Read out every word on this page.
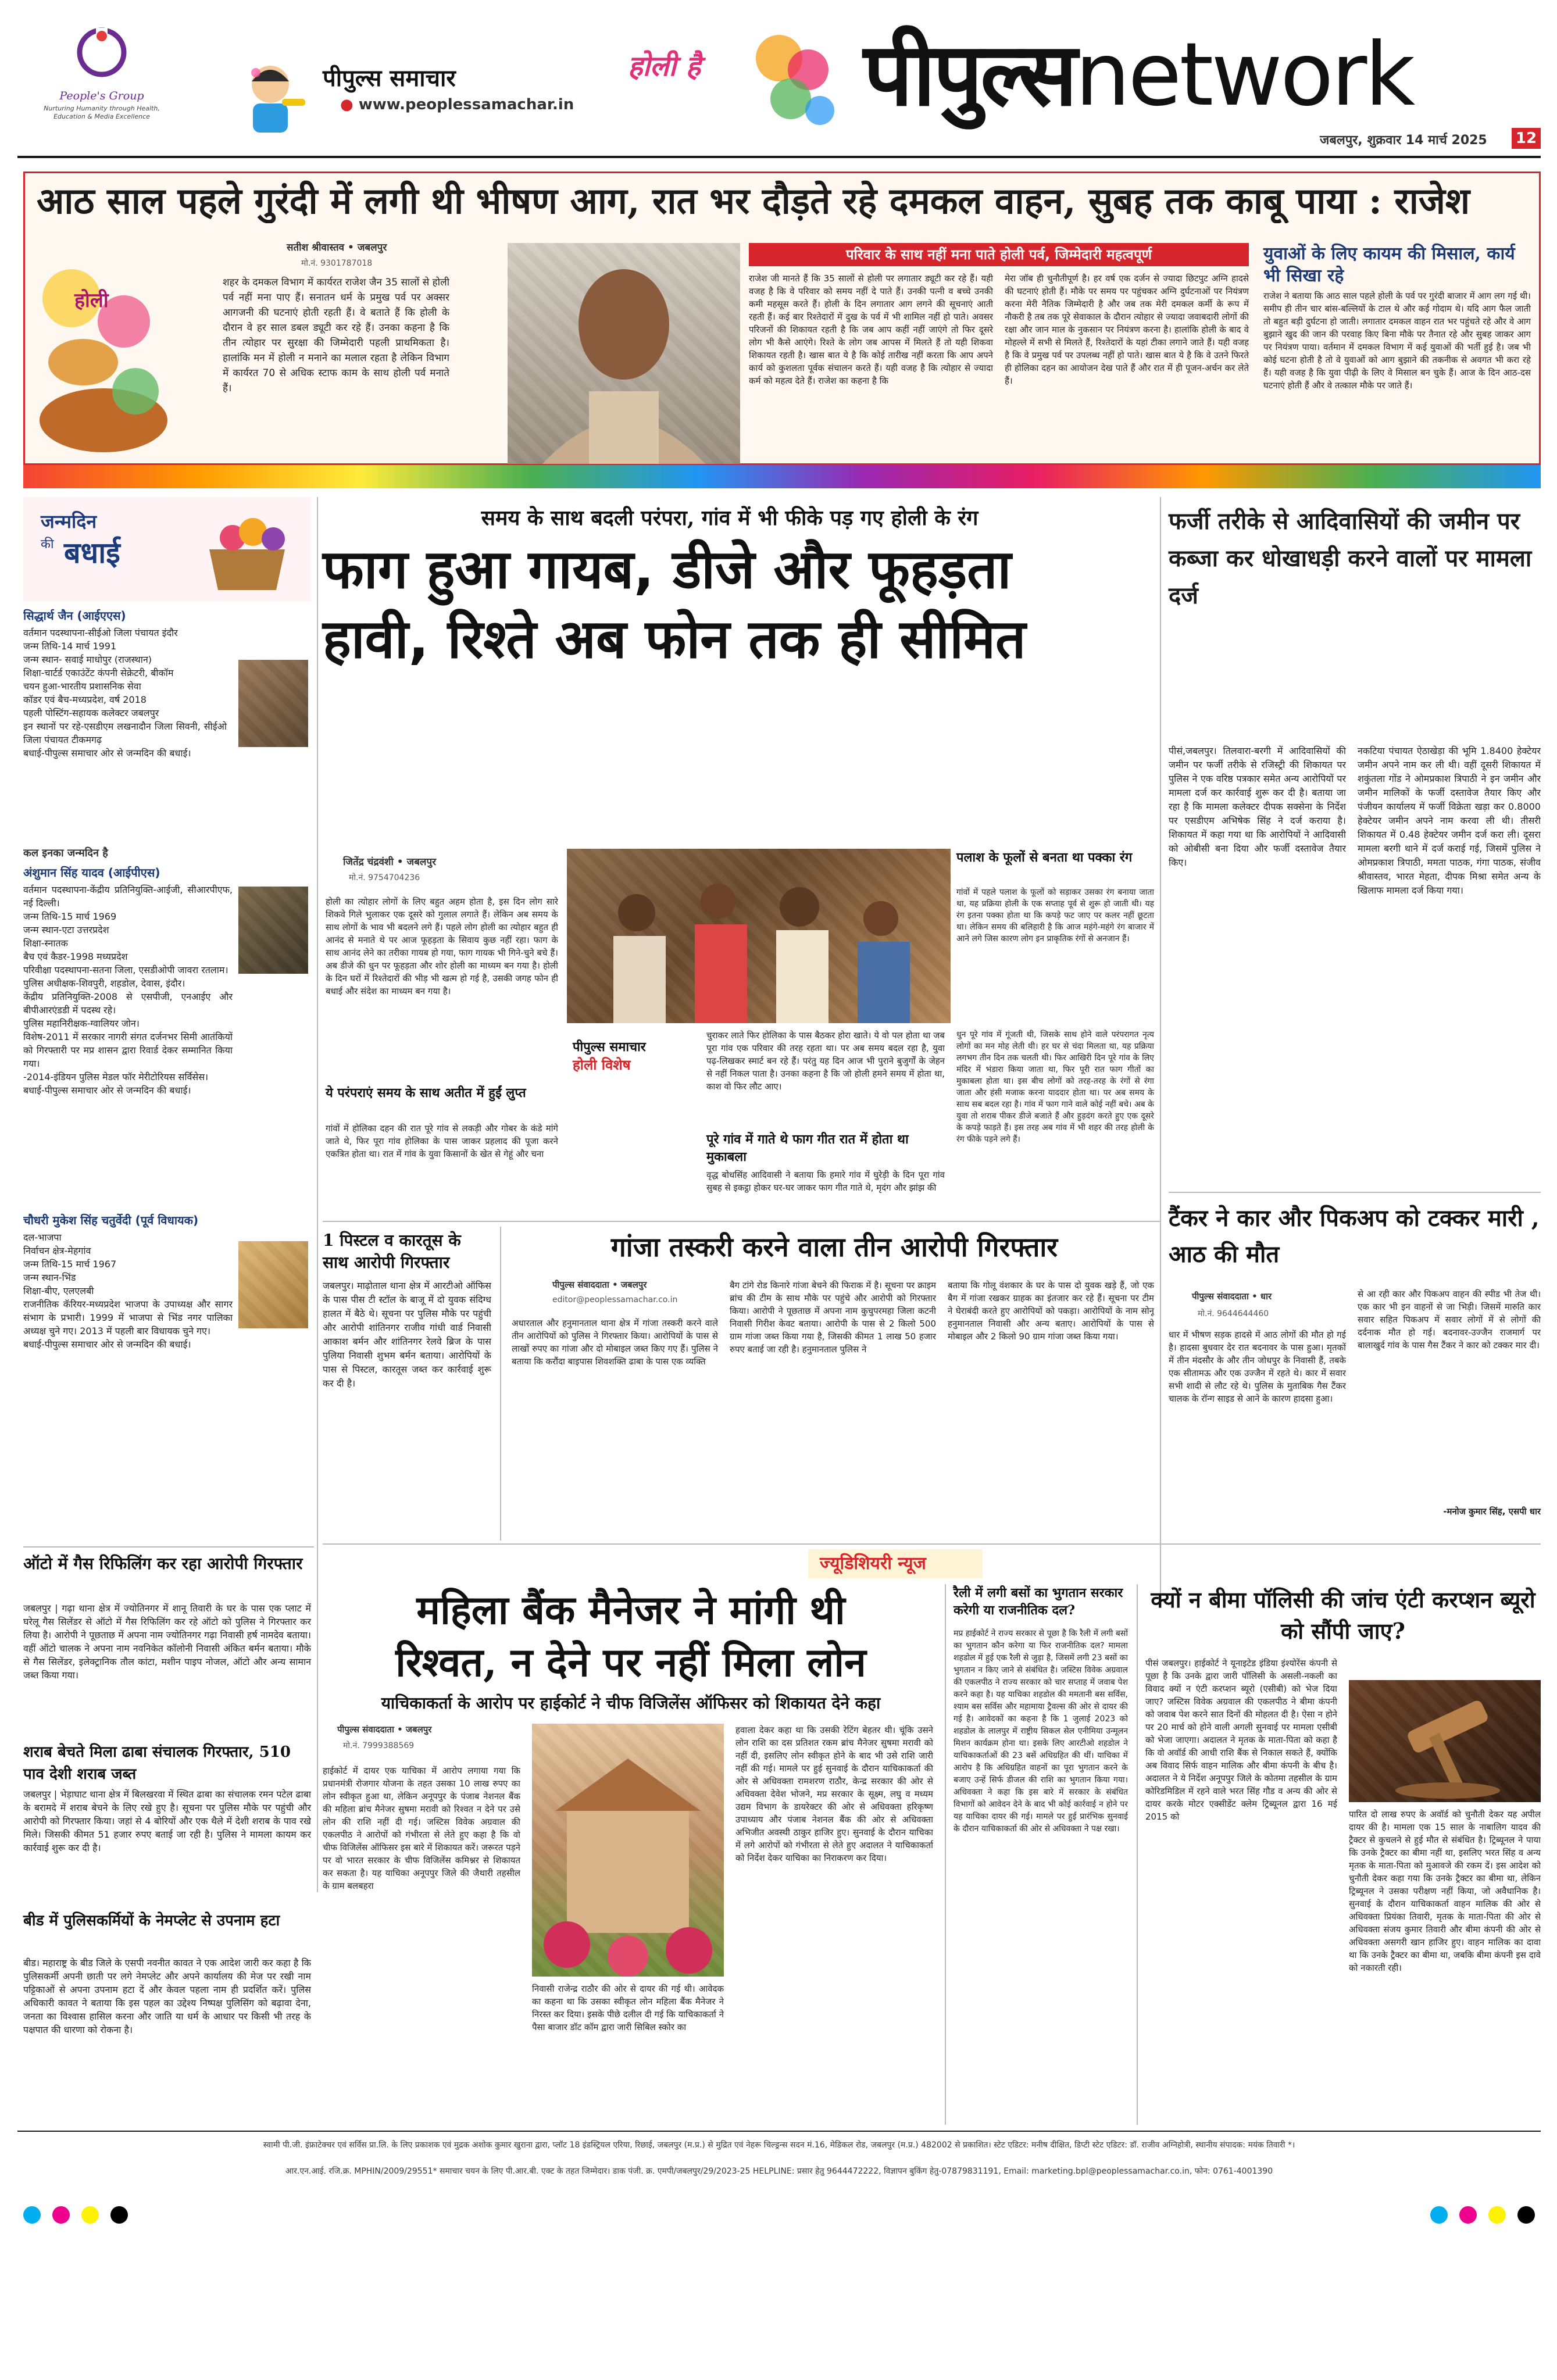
People's Group
Nurturing Humanity through Health, Education & Media Excellence
पीपुल्स समाचार
● www.peoplessamachar.in
होली है पीपुल्सnetwork
जबलपुर, शुक्रवार 14 मार्च 2025 12
आठ साल पहले गुरंदी में लगी थी भीषण आग, रात भर दौड़ते रहे दमकल वाहन, सुबह तक काबू पाया : राजेश
होली
सतीश श्रीवास्तव • जबलपुर
मो.नं. 9301787018
शहर के दमकल विभाग में कार्यरत राजेश जैन 35 सालों से होली पर्व नहीं मना पाए हैं। सनातन धर्म के प्रमुख पर्व पर अक्सर आगजनी की घटनाएं होती रहती हैं। वे बताते हैं कि होली के दौरान वे हर साल डबल ड्यूटी कर रहे हैं। उनका कहना है कि तीन त्योहार पर सुरक्षा की जिम्मेदारी पहली प्राथमिकता है। हालांकि मन में होली न मनाने का मलाल रहता है लेकिन विभाग में कार्यरत 70 से अधिक स्टाफ काम के साथ होली पर्व मनाते हैं।
परिवार के साथ नहीं मना पाते होली पर्व, जिम्मेदारी महत्वपूर्ण
राजेश जी मानते हैं कि 35 सालों से होली पर लगातार ड्यूटी कर रहे हैं। यही वजह है कि वे परिवार को समय नहीं दे पाते हैं। उनकी पत्नी व बच्चे उनकी कमी महसूस करते हैं। होली के दिन लगातार आग लगने की सूचनाएं आती रहती हैं। कई बार रिश्तेदारों में दुख के पर्व में भी शामिल नहीं हो पाते। अवसर परिजनों की शिकायत रहती है कि जब आप कहीं नहीं जाएंगे तो फिर दूसरे लोग भी कैसे आएंगे। रिश्ते के लोग जब आपस में मिलते हैं तो यही शिकवा शिकायत रहती है। खास बात ये है कि कोई तारीख नहीं करता कि आप अपने कार्य को कुशलता पूर्वक संचालन करते हैं। यही वजह है कि त्योहार से ज्यादा कर्म को महत्व देते हैं। राजेश का कहना है कि
मेरा जॉब ही चुनौतीपूर्ण है। हर वर्ष एक दर्जन से ज्यादा छिटपुट अग्नि हादसे की घटनाएं होती हैं। मौके पर समय पर पहुंचकर अग्नि दुर्घटनाओं पर नियंत्रण करना मेरी नैतिक जिम्मेदारी है और जब तक मेरी दमकल कर्मी के रूप में नौकरी है तब तक पूरे सेवाकाल के दौरान त्योहार से ज्यादा जवाबदारी लोगों की रक्षा और जान माल के नुकसान पर नियंत्रण करना है। हालांकि होली के बाद वे मोहल्ले में सभी से मिलते हैं, रिश्तेदारों के यहां टीका लगाने जाते हैं। यही वजह है कि वे प्रमुख पर्व पर उपलब्ध नहीं हो पाते। खास बात ये है कि वे उतने फिरते ही होलिका दहन का आयोजन देख पाते हैं और रात में ही पूजन-अर्चन कर लेते हैं।
युवाओं के लिए कायम की मिसाल, कार्य भी सिखा रहे
राजेश ने बताया कि आठ साल पहले होली के पर्व पर गुरंदी बाजार में आग लग गई थी। समीप ही तीन चार बांस-बल्लियों के टाल थे और कई गोदाम थे। यदि आग फैल जाती तो बहुत बड़ी दुर्घटना हो जाती। लगातार दमकल वाहन रात भर पहुंचते रहे और वे आग बुझाने खुद की जान की परवाह किए बिना मौके पर तैनात रहे और सुबह जाकर आग पर नियंत्रण पाया। वर्तमान में दमकल विभाग में कई युवाओं की भर्ती हुई है। जब भी कोई घटना होती है तो वे युवाओं को आग बुझाने की तकनीक से अवगत भी करा रहे हैं। यही वजह है कि युवा पीढ़ी के लिए वे मिसाल बन चुके हैं। आज के दिन आठ-दस घटनाएं होती हैं और वे तत्काल मौके पर जाते हैं।
जन्मदिन
की बधाई
सिद्धार्थ जैन (आईएएस)
वर्तमान पदस्थापना-सीईओ जिला पंचायत इंदौर
जन्म तिथि-14 मार्च 1991
जन्म स्थान- सवाई माधोपुर (राजस्थान)
शिक्षा-चार्टर्ड एकाउंटेंट कंपनी सेक्रेटरी, बीकॉम
चयन हुआ-भारतीय प्रशासनिक सेवा
कॉडर एवं बैच-मध्यप्रदेश, वर्ष 2018
पहली पोस्टिंग-सहायक कलेक्टर जबलपुर
इन स्थानों पर रहे-एसडीएम लखनादौन जिला सिवनी, सीईओ जिला पंचायत टीकमगढ़
बधाई-पीपुल्स समाचार ओर से जन्मदिन की बधाई।
कल इनका जन्मदिन है
अंशुमान सिंह यादव (आईपीएस)
वर्तमान पदस्थापना-केंद्रीय प्रतिनियुक्ति-आईजी, सीआरपीएफ, नई दिल्ली।
जन्म तिथि-15 मार्च 1969
जन्म स्थान-एटा उत्तरप्रदेश
शिक्षा-स्नातक
बैच एवं कैडर-1998 मध्यप्रदेश
परिवीक्षा पदस्थापना-सतना जिला, एसडीओपी जावरा रतलाम।
पुलिस अधीक्षक-शिवपुरी, शहडोल, देवास, इंदौर।
केंद्रीय प्रतिनियुक्ति-2008 से एसपीजी, एनआईए और बीपीआरएंडडी में पदस्थ रहे।
पुलिस महानिरीक्षक-ग्वालियर जोन।
विशेष-2011 में सरकार नागरी संगत दर्जनभर सिमी आतंकियों को गिरफ्तारी पर मप्र शासन द्वारा रिवार्ड देकर सम्मानित किया गया।
-2014-इंडियन पुलिस मेडल फॉर मेरीटोरियस सर्विसेस।
बधाई-पीपुल्स समाचार ओर से जन्मदिन की बधाई।
चौधरी मुकेश सिंह चतुर्वेदी (पूर्व विधायक)
दल-भाजपा
निर्वाचन क्षेत्र-मेहगांव
जन्म तिथि-15 मार्च 1967
जन्म स्थान-भिंड
शिक्षा-बीए, एलएलबी
राजनीतिक कॅरियर-मध्यप्रदेश भाजपा के उपाध्यक्ष और सागर संभाग के प्रभारी। 1999 में भाजपा से भिंड नगर पालिका अध्यक्ष चुने गए। 2013 में पहली बार विधायक चुने गए।
बधाई-पीपुल्स समाचार ओर से जन्मदिन की बधाई।
समय के साथ बदली परंपरा, गांव में भी फीके पड़ गए होली के रंग
फाग हुआ गायब, डीजे और फूहड़ता
हावी, रिश्ते अब फोन तक ही सीमित
जितेंद्र चंद्रवंशी • जबलपुर
मो.नं. 9754704236
होली का त्योहार लोगों के लिए बहुत अहम होता है, इस दिन लोग सारे शिकवे गिले भुलाकर एक दूसरे को गुलाल लगाते हैं। लेकिन अब समय के साथ लोगों के भाव भी बदलने लगे हैं। पहले लोग होली का त्योहार बहुत ही आनंद से मनाते थे पर आज फूहड़ता के सिवाय कुछ नहीं रहा। फाग के साथ आनंद लेने का तरीका गायब हो गया, फाग गायक भी गिने-चुने बचे हैं। अब डीजे की धुन पर फूहड़ता और शोर होली का माध्यम बन गया है। होली के दिन घरों में रिश्तेदारों की भीड़ भी खत्म हो गई है, उसकी जगह फोन ही बधाई और संदेश का माध्यम बन गया है।
ये परंपराएं समय के साथ अतीत में हुईं लुप्त
गांवों में होलिका दहन की रात पूरे गांव से लकड़ी और गोबर के कंडे मांगे जाते थे, फिर पूरा गांव होलिका के पास जाकर प्रहलाद की पूजा करने एकत्रित होता था। रात में गांव के युवा किसानों के खेत से गेहूं और चना
पीपुल्स समाचार
होली विशेष
चुराकर लाते फिर होलिका के पास बैठकर होरा खाते। ये वो पल होता था जब पूरा गांव एक परिवार की तरह रहता था। पर अब समय बदल रहा है, युवा पढ़-लिखकर स्मार्ट बन रहे हैं। परंतु यह दिन आज भी पुराने बुजुर्गों के जेहन से नहीं निकल पाता है। उनका कहना है कि जो होली हमने समय में होता था, काश वो फिर लौट आए।
पूरे गांव में गाते थे फाग गीत रात में होता था मुकाबला
वृद्ध बोधसिंह आदिवासी ने बताया कि हमारे गांव में घुरेड़ी के दिन पूरा गांव सुबह से इकट्ठा होकर घर-घर जाकर फाग गीत गाते थे, मृदंग और झांझ की
धुन पूरे गांव में गूंजती थी, जिसके साथ होने वाले परंपरागत नृत्य लोगों का मन मोह लेती थी। हर घर से चंदा मिलता था, यह प्रक्रिया लगभग तीन दिन तक चलती थी। फिर आखिरी दिन पूरे गांव के लिए मंदिर में भंडारा किया जाता था, फिर पूरी रात फाग गीतों का मुकाबला होता था। इस बीच लोगों को तरह-तरह के रंगों से रंगा जाता और हंसी मजाक करना याददार होता था। पर अब समय के साथ सब बदल रहा है। गांव में फाग गाने वाले कोई नहीं बचे। अब के युवा तो शराब पीकर डीजे बजाते हैं और हुड़दंग करते हुए एक दूसरे के कपड़े फाड़ते हैं। इस तरह अब गांव में भी शहर की तरह होली के रंग फीके पड़ने लगे हैं।
पलाश के फूलों से बनता था पक्का रंग
गांवों में पहले पलाश के फूलों को सड़ाकर उसका रंग बनाया जाता था, यह प्रक्रिया होली के एक सप्ताह पूर्व से शुरू हो जाती थी। यह रंग इतना पक्का होता था कि कपड़े फट जाए पर कलर नहीं छूटता था। लेकिन समय की बलिहारी है कि आज महंगे-महंगे रंग बाजार में आने लगे जिस कारण लोग इन प्राकृतिक रंगों से अनजान हैं।
फर्जी तरीके से आदिवासियों की जमीन पर कब्जा कर धोखाधड़ी करने वालों पर मामला दर्ज
पीसं,जबलपुर। तिलवारा-बरगी में आदिवासियों की जमीन पर फर्जी तरीके से रजिस्ट्री की शिकायत पर पुलिस ने एक वरिष्ठ पत्रकार समेत अन्य आरोपियों पर मामला दर्ज कर कार्रवाई शुरू कर दी है। बताया जा रहा है कि मामला कलेक्टर दीपक सक्सेना के निर्देश पर एसडीएम अभिषेक सिंह ने दर्ज कराया है। शिकायत में कहा गया था कि आरोपियों ने आदिवासी को ओबीसी बना दिया और फर्जी दस्तावेज तैयार किए।
नकटिया पंचायत ऐठाखेड़ा की भूमि 1.8400 हेक्टेयर जमीन अपने नाम कर ली थी। वहीं दूसरी शिकायत में शकुंतला गोंड ने ओमप्रकाश त्रिपाठी ने इन जमीन और जमीन मालिकों के फर्जी दस्तावेज तैयार किए और पंजीयन कार्यालय में फर्जी विक्रेता खड़ा कर 0.8000 हेक्टेयर जमीन अपने नाम करवा ली थी। तीसरी शिकायत में 0.48 हेक्टेयर जमीन दर्ज करा ली। दूसरा मामला बरगी थाने में दर्ज कराई गई, जिसमें पुलिस ने ओमप्रकाश त्रिपाठी, ममता पाठक, गंगा पाठक, संजीव श्रीवास्तव, भारत मेहता, दीपक मिश्रा समेत अन्य के खिलाफ मामला दर्ज किया गया।
टैंकर ने कार और पिकअप को टक्कर मारी , आठ की मौत
पीपुल्स संवाददाता • धार
मो.नं. 9644644460
धार में भीषण सड़क हादसे में आठ लोगों की मौत हो गई है। हादसा बुधवार देर रात बदनावर के पास हुआ। मृतकों में तीन मंदसौर के और तीन जोधपुर के निवासी हैं, तबके एक सीतामऊ और एक उज्जैन में रहते थे। कार में सवार सभी शादी से लौट रहे थे। पुलिस के मुताबिक गैस टैंकर चालक के रॉन्ग साइड से आने के कारण हादसा हुआ।
से आ रही कार और पिकअप वाहन की स्पीड भी तेज थी। एक कार भी इन वाहनों से जा भिड़ी। जिसमें मारुति कार सवार सहित पिकअप में सवार लोगों में से लोगों की दर्दनाक मौत हो गई। बदनावर-उज्जैन राजमार्ग पर बालाखुर्द गांव के पास गैस टैंकर ने कार को टक्कर मार दी।
-मनोज कुमार सिंह, एसपी धार
ऑटो में गैस रिफिलिंग कर रहा आरोपी गिरफ्तार
जबलपुर | गढ़ा थाना क्षेत्र में ज्योतिनगर में शानू तिवारी के घर के पास एक प्लाट में घरेलू गैस सिलेंडर से ऑटो में गैस रिफिलिंग कर रहे ऑटो को पुलिस ने गिरफ्तार कर लिया है। आरोपी ने पूछताछ में अपना नाम ज्योतिनगर गढ़ा निवासी हर्ष नामदेव बताया। वहीं ऑटो चालक ने अपना नाम नवनिकेत कॉलोनी निवासी अंकित बर्मन बताया। मौके से गैस सिलेंडर, इलेक्ट्रानिक तौल कांटा, मशीन पाइप नोजल, ऑटो और अन्य सामान जब्त किया गया।
शराब बेचते मिला ढाबा संचालक गिरफ्तार, 510 पाव देशी शराब जब्त
जबलपुर | भेड़ाघाट थाना क्षेत्र में बिलखरवा में स्थित ढाबा का संचालक रमन पटेल ढाबा के बरामदे में शराब बेचने के लिए रखे हुए है। सूचना पर पुलिस मौके पर पहुंची और आरोपी को गिरफ्तार किया। जहां से 4 बोरियों और एक थैले में देशी शराब के पाव रखे मिले। जिसकी कीमत 51 हजार रुपए बताई जा रही है। पुलिस ने मामला कायम कर कार्रवाई शुरू कर दी है।
बीड में पुलिसकर्मियों के नेमप्लेट से उपनाम हटा
बीड। महाराष्ट्र के बीड जिले के एसपी नवनीत कावत ने एक आदेश जारी कर कहा है कि पुलिसकर्मी अपनी छाती पर लगे नेमप्लेट और अपने कार्यालय की मेज पर रखी नाम पट्टिकाओं से अपना उपनाम हटा दें और केवल पहला नाम ही प्रदर्शित करें। पुलिस अधिकारी कावत ने बताया कि इस पहल का उद्देश्य निष्पक्ष पुलिसिंग को बढ़ावा देना, जनता का विश्वास हासिल करना और जाति या धर्म के आधार पर किसी भी तरह के पक्षपात की धारणा को रोकना है।
1 पिस्टल व कारतूस के साथ आरोपी गिरफ्तार
जबलपुर। माढ़ोताल थाना क्षेत्र में आरटीओ ऑफिस के पास पीस टी स्टॉल के बाजू में दो युवक संदिग्ध हालत में बैठे थे। सूचना पर पुलिस मौके पर पहुंची और आरोपी शांतिनगर राजीव गांधी वार्ड निवासी आकाश बर्मन और शांतिनगर रेलवे ब्रिज के पास पुलिया निवासी शुभम बर्मन बताया। आरोपियों के पास से पिस्टल, कारतूस जब्त कर कार्रवाई शुरू कर दी है।
गांजा तस्करी करने वाला तीन आरोपी गिरफ्तार
पीपुल्स संवाददाता • जबलपुर
editor@peoplessamachar.co.in
अधारताल और हनुमानताल थाना क्षेत्र में गांजा तस्करी करने वाले तीन आरोपियों को पुलिस ने गिरफ्तार किया। आरोपियों के पास से लाखों रुपए का गांजा और दो मोबाइल जब्त किए गए हैं। पुलिस ने बताया कि करौंदा बाइपास शिवशक्ति ढाबा के पास एक व्यक्ति
बैग टांगे रोड किनारे गांजा बेचने की फिराक में है। सूचना पर क्राइम ब्रांच की टीम के साथ मौके पर पहुंचे और आरोपी को गिरफ्तार किया। आरोपी ने पूछताछ में अपना नाम कुचुपरमहा जिला कटनी निवासी गिरीश केवट बताया। आरोपी के पास से 2 किलो 500 ग्राम गांजा जब्त किया गया है, जिसकी कीमत 1 लाख 50 हजार रुपए बताई जा रही है। हनुमानताल पुलिस ने
बताया कि गोलू वंशकार के घर के पास दो युवक खड़े हैं, जो एक बैग में गांजा रखकर ग्राहक का इंतजार कर रहे हैं। सूचना पर टीम ने घेराबंदी करते हुए आरोपियों को पकड़ा। आरोपियों के नाम सोनू हनुमानताल निवासी और अन्य बताए। आरोपियों के पास से मोबाइल और 2 किलो 90 ग्राम गांजा जब्त किया गया।
ज्यूडिशियरी न्यूज
महिला बैंक मैनेजर ने मांगी थी
रिश्वत, न देने पर नहीं मिला लोन
याचिकाकर्ता के आरोप पर हाईकोर्ट ने चीफ विजिलेंस ऑफिसर को शिकायत देने कहा
पीपुल्स संवाददाता • जबलपुर
मो.नं. 7999388569
हाईकोर्ट में दायर एक याचिका में आरोप लगाया गया कि प्रधानमंत्री रोजगार योजना के तहत उसका 10 लाख रुपए का लोन स्वीकृत हुआ था, लेकिन अनूपपुर के पंजाब नेशनल बैंक की महिला ब्रांच मैनेजर सुषमा मरावी को रिश्वत न देने पर उसे लोन की राशि नहीं दी गई। जस्टिस विवेक अग्रवाल की एकलपीठ ने आरोपों को गंभीरता से लेते हुए कहा है कि वो चीफ विजिलेंस ऑफिसर इस बारे में शिकायत करें। जरूरत पड़ने पर वो भारत सरकार के चीफ विजिलेंस कमिश्नर से शिकायत कर सकता है। यह याचिका अनूपपुर जिले की जैथारी तहसील के ग्राम बलबहरा
हवाला देकर कहा था कि उसकी रेटिंग बेहतर थी। चूंकि उसने लोन राशि का दस प्रतिशत रकम ब्रांच मैनेजर सुषमा मरावी को नहीं दी, इसलिए लोन स्वीकृत होने के बाद भी उसे राशि जारी नहीं की गई। मामले पर हुई सुनवाई के दौरान याचिकाकर्ता की ओर से अधिवक्ता रामशरण राठौर, केन्द्र सरकार की ओर से अधिवक्ता देवेश भोजने, मप्र सरकार के सूक्ष्म, लघु व मध्यम उद्यम विभाग के डायरेक्टर की ओर से अधिवक्ता हरिकृष्ण उपाध्याय और पंजाब नेशनल बैंक की ओर से अधिवक्ता अभिजीत अवस्थी ठाकुर हाजिर हुए। सुनवाई के दौरान याचिका में लगे आरोपों को गंभीरता से लेते हुए अदालत ने याचिकाकर्ता को निर्देश देकर याचिका का निराकरण कर दिया।
निवासी राजेन्द्र राठौर की ओर से दायर की गई थी। आवेदक का कहना था कि उसका स्वीकृत लोन महिला बैंक मैनेजर ने निरस्त कर दिया। इसके पीछे दलील दी गई कि याचिकाकर्ता ने पैसा बाजार डॉट कॉम द्वारा जारी सिबिल स्कोर का
रैली में लगी बसों का भुगतान सरकार करेगी या राजनीतिक दल?
मप्र हाईकोर्ट ने राज्य सरकार से पूछा है कि रैली में लगी बसों का भुगतान कौन करेगा या फिर राजनीतिक दल? मामला शहडोल में हुई एक रैली से जुड़ा है, जिसमें लगी 23 बसों का भुगतान न किए जाने से संबंधित है। जस्टिस विवेक अग्रवाल की एकलपीठ ने राज्य सरकार को चार सप्ताह में जवाब पेश करने कहा है। यह याचिका शहडोल की ममतानी बस सर्विस, श्याम बस सर्विस और महामाया ट्रैवल्स की ओर से दायर की गई है। आवेदकों का कहना है कि 1 जुलाई 2023 को शहडोल के लालपुर में राष्ट्रीय सिकल सेल एनीमिया उन्मूलन मिशन कार्यक्रम होना था। इसके लिए आरटीओ शहडोल ने याचिकाकर्ताओं की 23 बसें अधिग्रहित की थीं। याचिका में आरोप है कि अधिग्रहित वाहनों का पूरा भुगतान करने के बजाए उन्हें सिर्फ डीजल की राशि का भुगतान किया गया। अधिवक्ता ने कहा कि इस बारे में सरकार के संबंधित विभागों को आवेदन देने के बाद भी कोई कार्रवाई न होने पर यह याचिका दायर की गई। मामले पर हुई प्रारंभिक सुनवाई के दौरान याचिकाकर्ता की ओर से अधिवक्ता ने पक्ष रखा।
क्यों न बीमा पॉलिसी की जांच एंटी करप्शन ब्यूरो को सौंपी जाए?
पीसं जबलपुर। हाईकोर्ट ने यूनाइटेड इंडिया इंश्योरेंस कंपनी से पूछा है कि उनके द्वारा जारी पॉलिसी के असली-नकली का विवाद क्यों न एंटी करप्शन ब्यूरो (एसीबी) को भेज दिया जाए? जस्टिस विवेक अग्रवाल की एकलपीठ ने बीमा कंपनी को जवाब पेश करने सात दिनों की मोहलत दी है। ऐसा न होने पर 20 मार्च को होने वाली अगली सुनवाई पर मामला एसीबी को भेजा जाएगा। अदालत ने मृतक के माता-पिता को कहा है कि वो अवॉर्ड की आधी राशि बैंक से निकाल सकते हैं, क्योंकि अब विवाद सिर्फ वाहन मालिक और बीमा कंपनी के बीच है। अदालत ने ये निर्देश अनूपपुर जिले के कोतमा तहसील के ग्राम कोरिडमिडिल में रहने वाले भरत सिंह गौड व अन्य की ओर से दायर करके मोटर एक्सीडेंट क्लेम ट्रिब्यूनल द्वारा 16 मई 2015 को	पारित दो लाख रुपए के अवॉर्ड को चुनौती देकर यह अपील दायर की है। मामला एक 15 साल के नाबालिग यादव की ट्रैक्टर से कुचलने से हुई मौत से संबंधित है। ट्रिब्यूनल ने पाया कि उनके ट्रैक्टर का बीमा नहीं था, इसलिए भरत सिंह व अन्य मृतक के माता-पिता को मुआवजे की रकम दें। इस आदेश को चुनौती देकर कहा गया कि उनके ट्रैक्टर का बीमा था, लेकिन ट्रिब्यूनल ने उसका परीक्षण नहीं किया, जो अवैधानिक है। सुनवाई के दौरान याचिकाकर्ता वाहन मालिक की ओर से अधिवक्ता प्रियंका तिवारी, मृतक के माता-पिता की ओर से अधिवक्ता संजय कुमार तिवारी और बीमा कंपनी की ओर से अधिवक्ता असगरी खान हाजिर हुए। वाहन मालिक का दावा था कि उनके ट्रैक्टर का बीमा था, जबकि बीमा कंपनी इस दावे को नकारती रही।
स्वामी पी.जी. इंफ्राटेक्चर एवं सर्विस प्रा.लि. के लिए प्रकाशक एवं मुद्रक अशोक कुमार खुराना द्वारा, प्लॉट 18 इंडस्ट्रियल एरिया, रिछाई, जबलपुर (म.प्र.) से मुद्रित एवं नेहरू चिल्ड्रन्स सदन मं.16, मेडिकल रोड, जबलपुर (म.प्र.) 482002 से प्रकाशित। स्टेट एडिटर: मनीष दीक्षित, डिप्टी स्टेट एडिटर: डॉ. राजीव अग्निहोत्री, स्थानीय संपादक: मयंक तिवारी *।
आर.एन.आई. रजि.क्र. MPHIN/2009/29551* समाचार चयन के लिए पी.आर.बी. एक्ट के तहत जिम्मेदार। डाक पंजी. क्र. एमपी/जबलपुर/29/2023-25 HELPLINE: प्रसार हेतु 9644472222, विज्ञापन बुकिंग हेतु-07879831191, Email: marketing.bpl@peoplessamachar.co.in, फोन: 0761-4001390
